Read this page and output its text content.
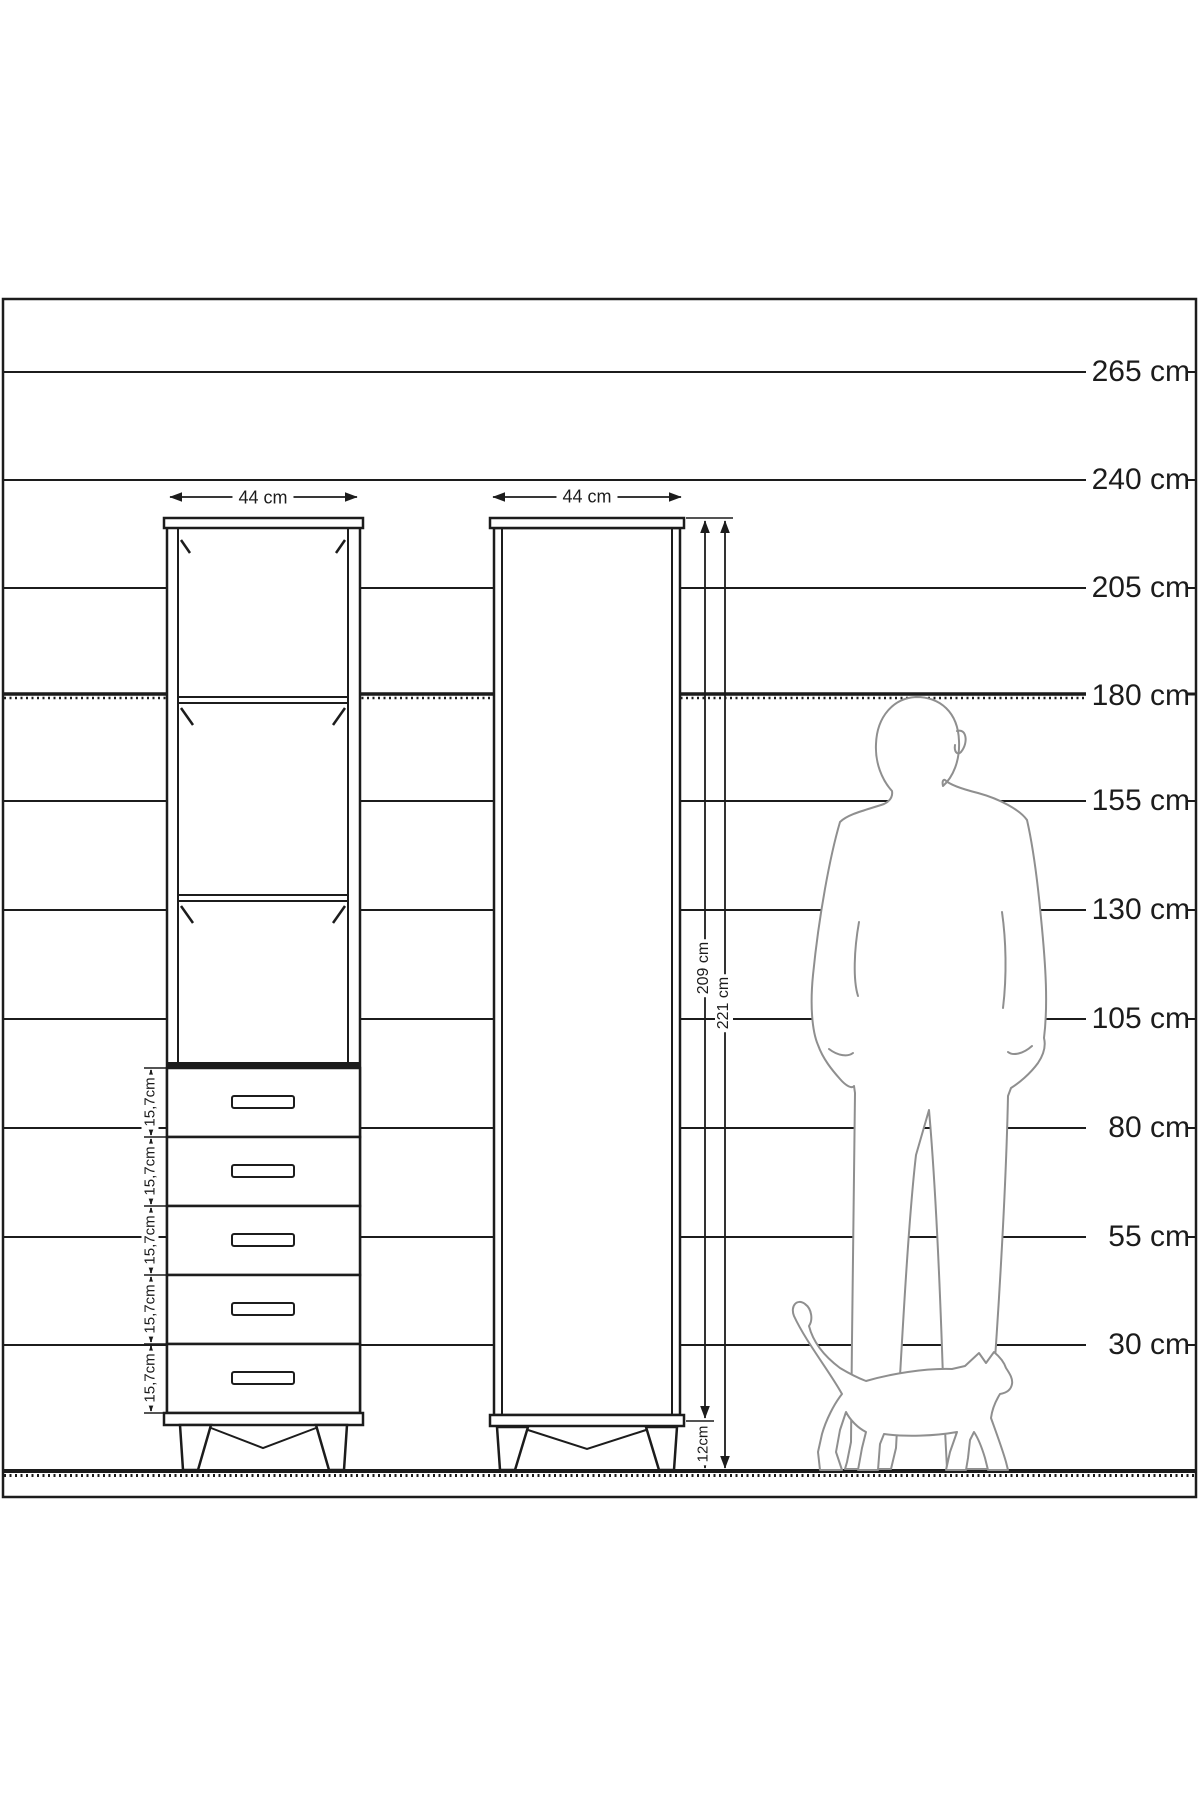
265 cm
240 cm
205 cm
180 cm
155 cm
130 cm
105 cm
80 cm
55 cm
30 cm
44 cm	44 cm
15,7cm
15,7cm
15,7cm
15,7cm
15,7cm
209 cm
221 cm
12cm
